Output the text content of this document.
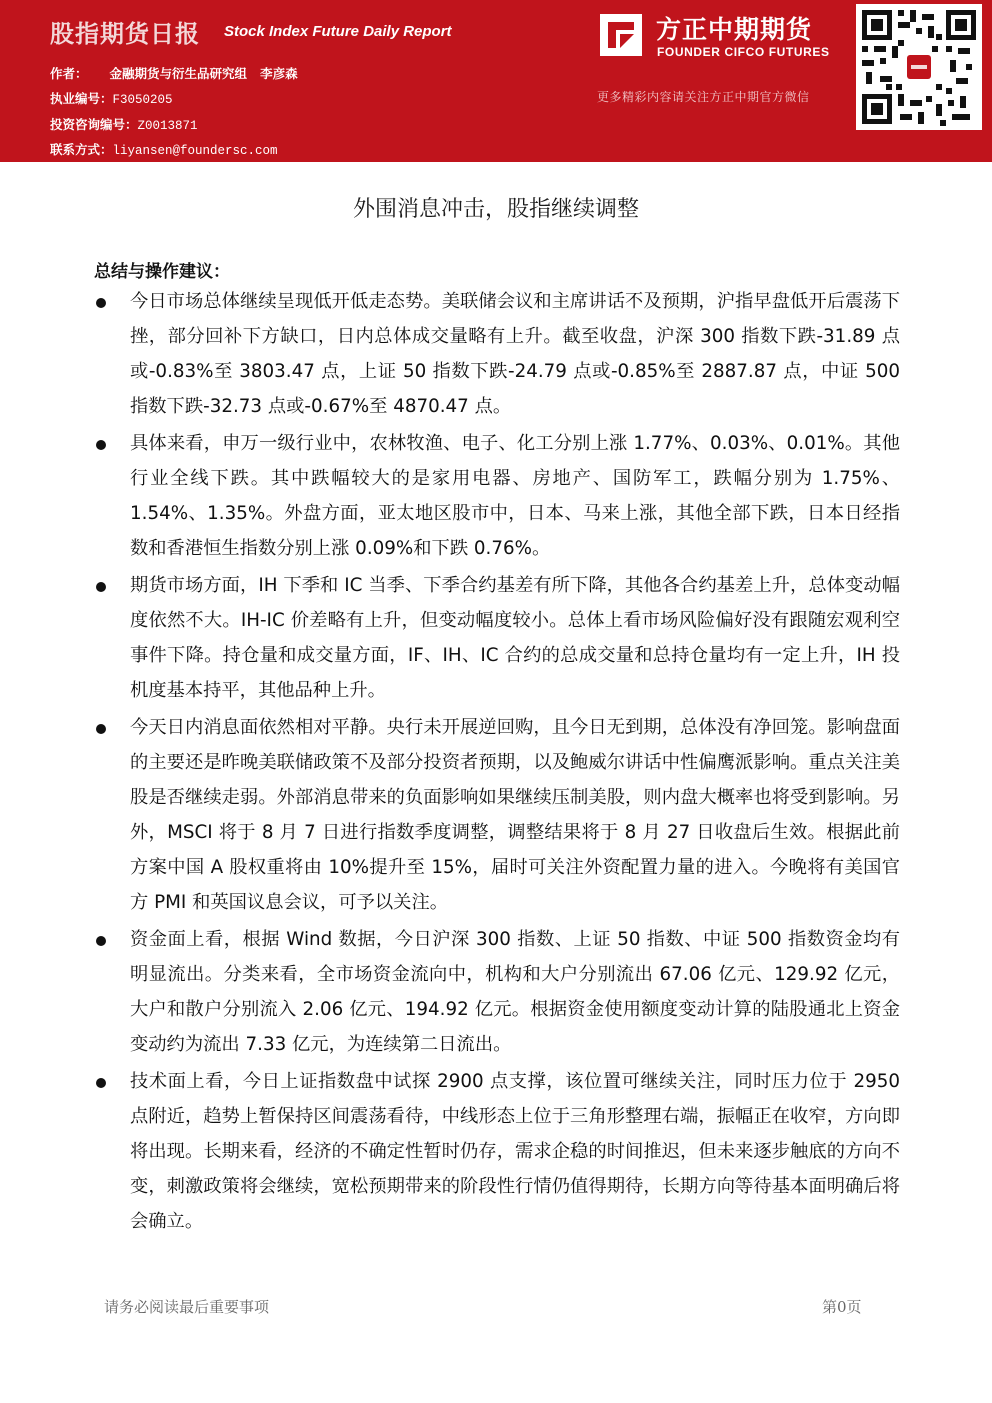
股指期货日报 Stock Index Future Daily Report
作者： 金融期货与衍生品研究组 李彦森
执业编号：F3050205
投资咨询编号：Z0013871
联系方式：liyansen@foundersc.com
方正中期期货
FOUNDER CIFCO FUTURES
更多精彩内容请关注方正中期官方微信
外围消息冲击，股指继续调整
总结与操作建议：
今日市场总体继续呈现低开低走态势。美联储会议和主席讲话不及预期，沪指早盘低开后震荡下挫，部分回补下方缺口，日内总体成交量略有上升。截至收盘，沪深 300 指数下跌-31.89 点或-0.83%至 3803.47 点，上证 50 指数下跌-24.79 点或-0.85%至 2887.87 点，中证 500 指数下跌-32.73 点或-0.67%至 4870.47 点。
具体来看，申万一级行业中，农林牧渔、电子、化工分别上涨 1.77%、0.03%、0.01%。其他行业全线下跌。其中跌幅较大的是家用电器、房地产、国防军工，跌幅分别为 1.75%、1.54%、1.35%。外盘方面，亚太地区股市中，日本、马来上涨，其他全部下跌，日本日经指数和香港恒生指数分别上涨 0.09%和下跌 0.76%。
期货市场方面，IH 下季和 IC 当季、下季合约基差有所下降，其他各合约基差上升，总体变动幅度依然不大。IH-IC 价差略有上升，但变动幅度较小。总体上看市场风险偏好没有跟随宏观利空事件下降。持仓量和成交量方面，IF、IH、IC 合约的总成交量和总持仓量均有一定上升，IH 投机度基本持平，其他品种上升。
今天日内消息面依然相对平静。央行未开展逆回购，且今日无到期，总体没有净回笼。影响盘面的主要还是昨晚美联储政策不及部分投资者预期，以及鲍威尔讲话中性偏鹰派影响。重点关注美股是否继续走弱。外部消息带来的负面影响如果继续压制美股，则内盘大概率也将受到影响。另外，MSCI 将于 8 月 7 日进行指数季度调整，调整结果将于 8 月 27 日收盘后生效。根据此前方案中国 A 股权重将由 10%提升至 15%，届时可关注外资配置力量的进入。今晚将有美国官方 PMI 和英国议息会议，可予以关注。
资金面上看，根据 Wind 数据，今日沪深 300 指数、上证 50 指数、中证 500 指数资金均有明显流出。分类来看，全市场资金流向中，机构和大户分别流出 67.06 亿元、129.92 亿元，大户和散户分别流入 2.06 亿元、194.92 亿元。根据资金使用额度变动计算的陆股通北上资金变动约为流出 7.33 亿元，为连续第二日流出。
技术面上看，今日上证指数盘中试探 2900 点支撑，该位置可继续关注，同时压力位于 2950 点附近，趋势上暂保持区间震荡看待，中线形态上位于三角形整理右端，振幅正在收窄，方向即将出现。长期来看，经济的不确定性暂时仍存，需求企稳的时间推迟，但未来逐步触底的方向不变，刺激政策将会继续，宽松预期带来的阶段性行情仍值得期待，长期方向等待基本面明确后将会确立。
请务必阅读最后重要事项	第0页
